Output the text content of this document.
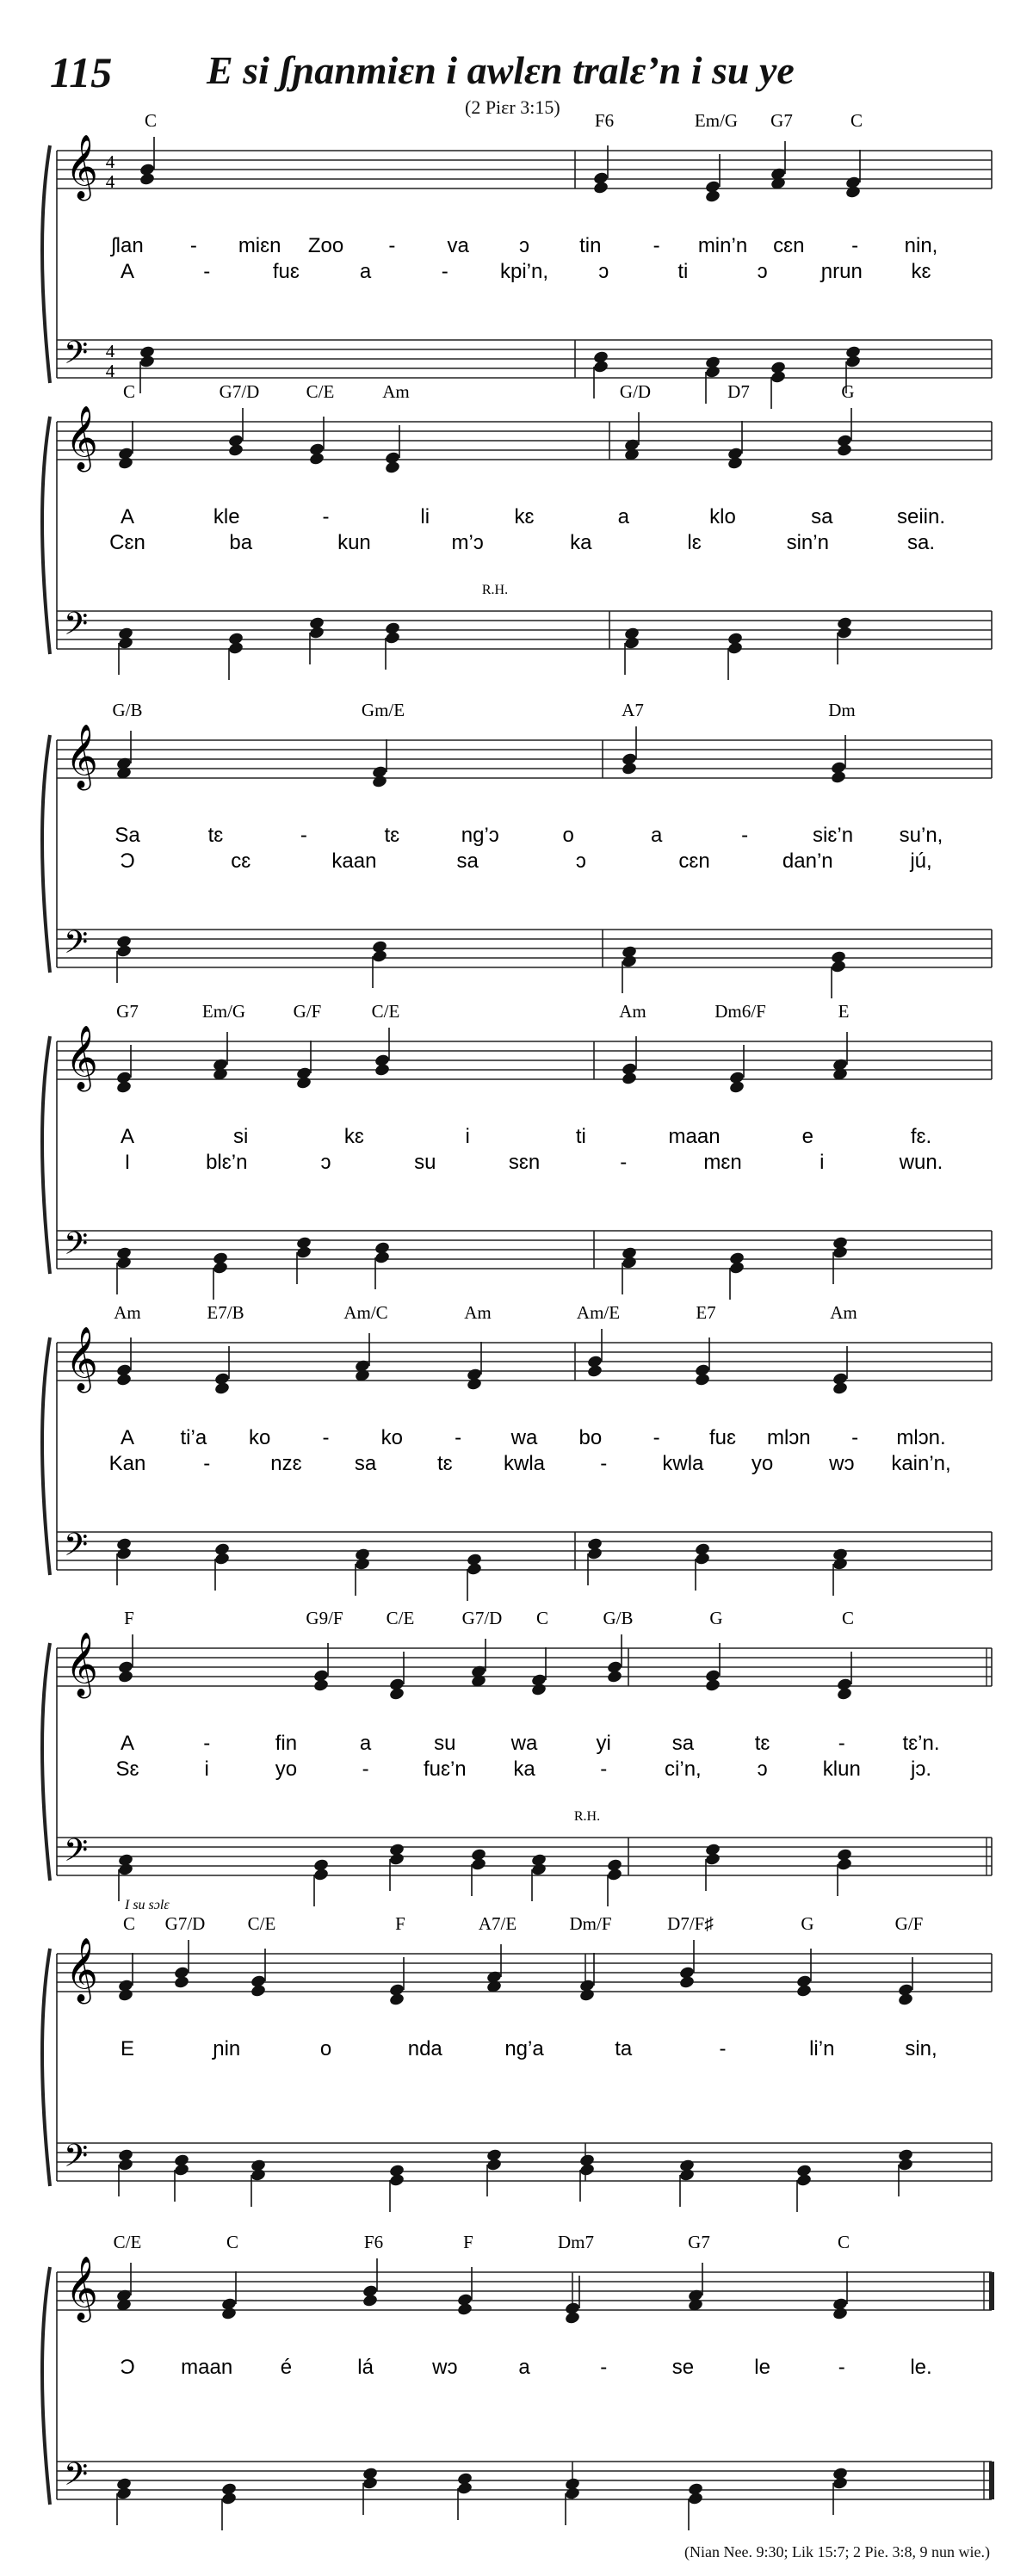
115 E si ʃɲanmiɛn i awlɛn tralɛ’n i su ye
(2 Piɛr 3:15)
𝄞
𝄢
4
4
4
4
C	F6	Em/G G7	C
ʃlan - miɛn Zoo -	va ɔ tin	- min’n cɛn - nin,
A	-	fuɛ	a	-	kpi’n, ɔ	ti	ɔ	ɲrun kɛ
𝄞
𝄢
C	G7/D	C/E	Am	G/D	D7	G
A	kle	-	li	kɛ	a	klo	sa	seiin.
Cɛn	ba	kun	m’ɔ	ka	lɛ	sin’n	sa.
R.H.
𝄞
𝄢
G/B	Gm/E	A7	Dm
Sa	tɛ	-	tɛ	ng’ɔ	o	a	-	siɛ’n su’n,
Ɔ	cɛ	kaan	sa	ɔ	cɛn	dan’n	jú,
𝄞
𝄢
G7	Em/G	G/F	C/E	Am	Dm6/F	E
A	si	kɛ	i	ti	maan	e	fɛ.
I	blɛ’n	ɔ	su	sɛn	-	mɛn	i	wun.
𝄞
𝄢
Am	E7/B	Am/C	Am	Am/E	E7	Am
A ti’a ko	-	ko	- wa bo - fuɛ mlɔn - mlɔn.
Kan	-	nzɛ	sa	tɛ kwla	-	kwla yo	wɔ kain’n,
𝄞
𝄢
F	G9/F C/E	G7/D C	G/B	G	C
A	-	fin	a	su	wa	yi	sa	tɛ	-	tɛ’n.
Sɛ	i	yo	-	fuɛ’n ka	-	ci’n,	ɔ	klun jɔ.
R.H.
𝄞
𝄢
C G7/D C/E	F	A7/E	Dm/F	D7/F♯	G	G/F
E	ɲin	o	nda	ng’a	ta	-	li’n	sin,
I su sɔlɛ
𝄞
𝄢
C/E	C	F6	F	Dm7	G7	C
Ɔ maan é	lá	wɔ	a	-	se	le	-	le.
(Nian Nee. 9:30; Lik 15:7; 2 Pie. 3:8, 9 nun wie.)
